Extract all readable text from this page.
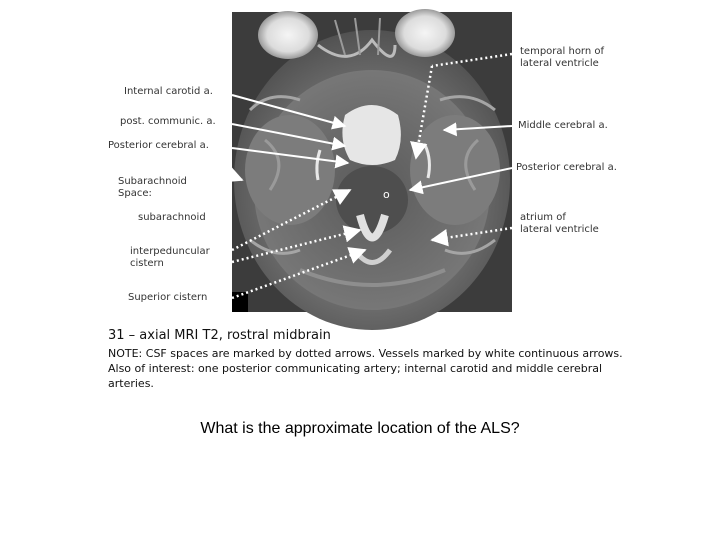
o
Internal carotid a.
post. communic. a.
Posterior cerebral a.
Subarachnoid
Space:
subarachnoid
interpeduncular
cistern
Superior cistern
temporal horn of
lateral ventricle
Middle cerebral a.
Posterior cerebral a.
atrium of
lateral ventricle
31 – axial MRI T2, rostral midbrain
NOTE: CSF spaces are marked by dotted arrows. Vessels marked by white continuous arrows. Also of interest: one posterior communicating artery; internal carotid and middle cerebral arteries.
What is the approximate location of the ALS?
